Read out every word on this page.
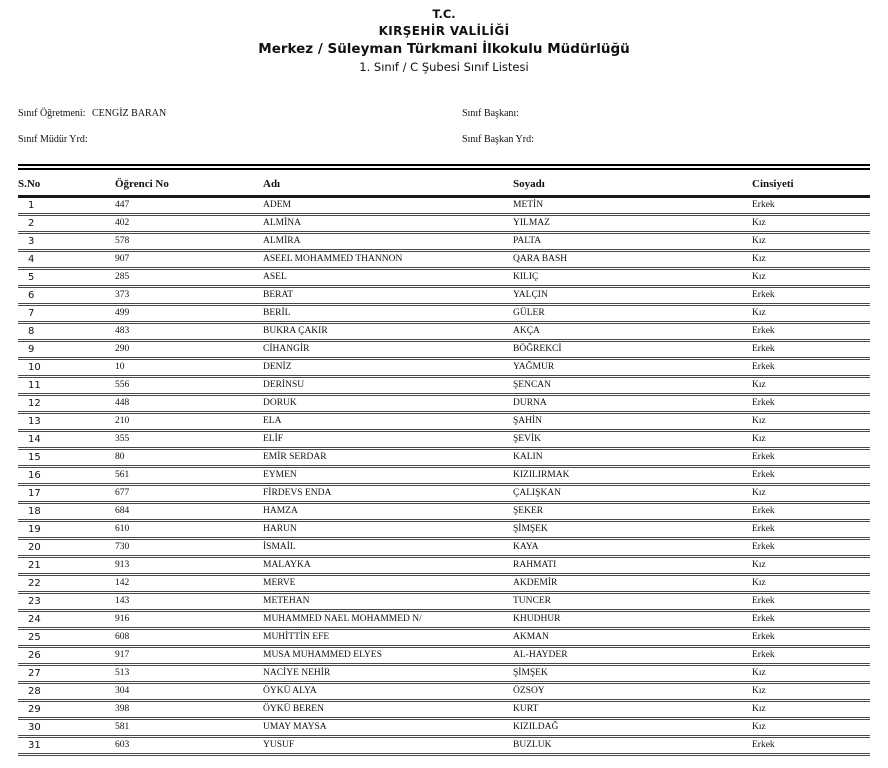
T.C.
KIRŞEHİR VALİLİĞİ
Merkez / Süleyman Türkmani İlkokulu Müdürlüğü
1. Sınıf / C Şubesi Sınıf Listesi
Sınıf Öğretmeni: CENGİZ BARAN	Sınıf Başkanı:
Sınıf Müdür Yrd:	Sınıf Başkan Yrd:
S.No	Öğrenci No	Adı	Soyadı	Cinsiyeti
1	447	ADEM	METİN	Erkek
2	402	ALMİNA	YILMAZ	Kız
3	578	ALMİRA	PALTA	Kız
4	907	ASEEL MOHAMMED THANNON	QARA BASH	Kız
5	285	ASEL	KILIÇ	Kız
6	373	BERAT	YALÇIN	Erkek
7	499	BERİL	GÜLER	Kız
8	483	BUKRA ÇAKIR	AKÇA	Erkek
9	290	CİHANGİR	BÖĞREKCİ	Erkek
10	10	DENİZ	YAĞMUR	Erkek
11	556	DERİNSU	ŞENCAN	Kız
12	448	DORUK	DURNA	Erkek
13	210	ELA	ŞAHİN	Kız
14	355	ELİF	ŞEVİK	Kız
15	80	EMİR SERDAR	KALIN	Erkek
16	561	EYMEN	KIZILIRMAK	Erkek
17	677	FİRDEVS ENDA	ÇALIŞKAN	Kız
18	684	HAMZA	ŞEKER	Erkek
19	610	HARUN	ŞİMŞEK	Erkek
20	730	İSMAİL	KAYA	Erkek
21	913	MALAYKA	RAHMATI	Kız
22	142	MERVE	AKDEMİR	Kız
23	143	METEHAN	TUNCER	Erkek
24	916	MUHAMMED NAEL MOHAMMED N/	KHUDHUR	Erkek
25	608	MUHİTTİN EFE	AKMAN	Erkek
26	917	MUSA MUHAMMED ELYES	AL-HAYDER	Erkek
27	513	NACİYE NEHİR	ŞİMŞEK	Kız
28	304	ÖYKÜ ALYA	ÖZSOY	Kız
29	398	ÖYKÜ BEREN	KURT	Kız
30	581	UMAY MAYSA	KIZILDAĞ	Kız
31	603	YUSUF	BUZLUK	Erkek
